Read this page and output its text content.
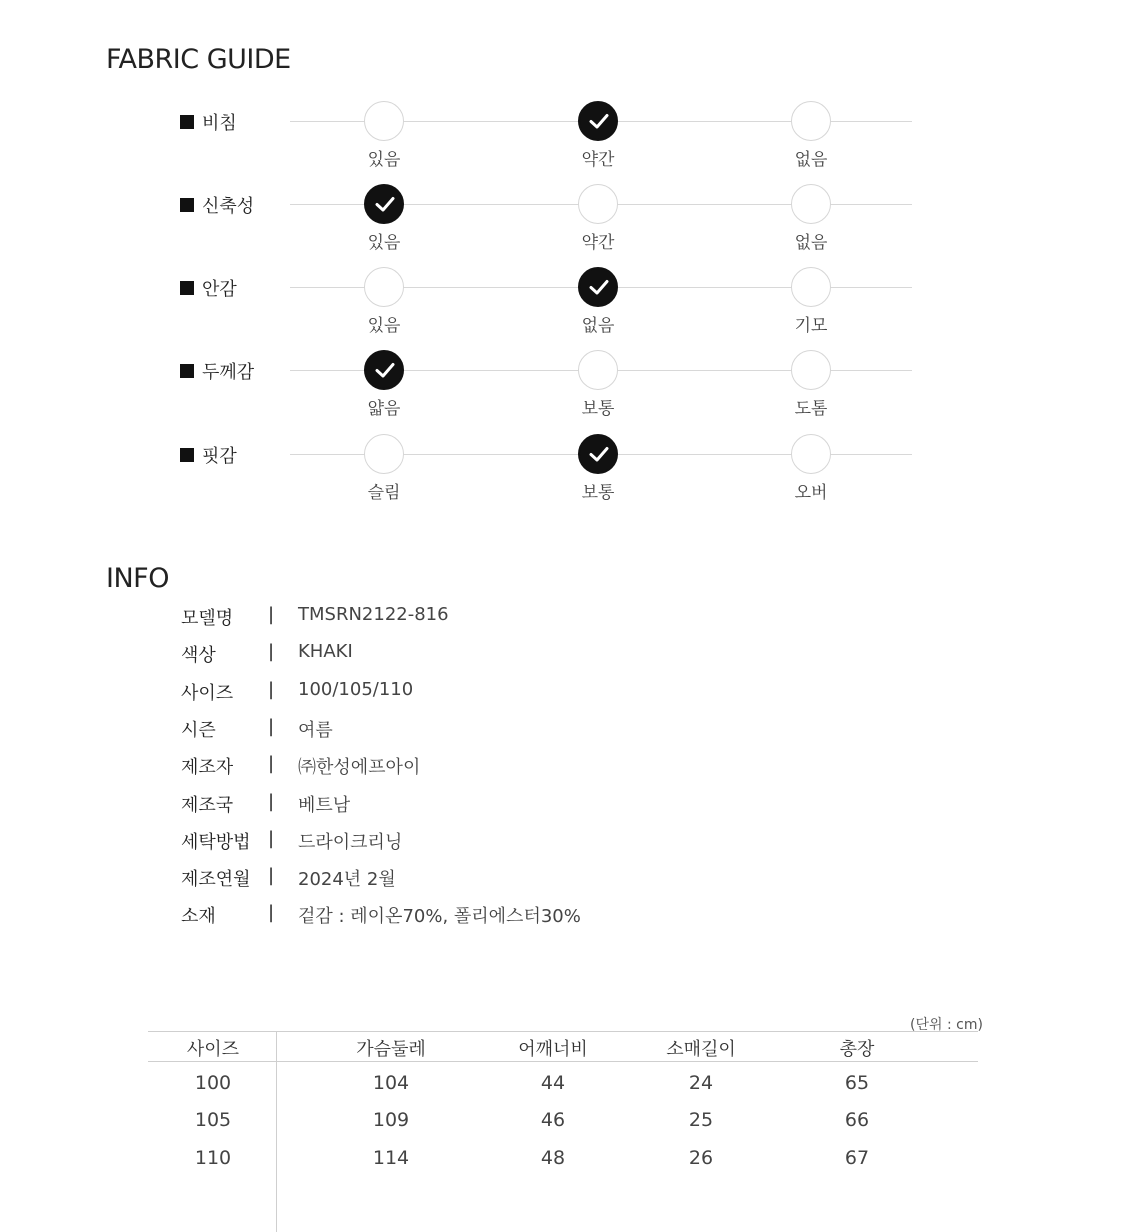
FABRIC GUIDE
비침
있음	약간	없음
신축성
있음	약간	없음
안감
있음	없음	기모
두께감
얇음	보통	도톰
핏감
슬림	보통	오버
INFO
모델명 | TMSRN2122-816
색상	| KHAKI
사이즈 | 100/105/110
시즌	| 여름
제조자 | ㈜한성에프아이
제조국 | 베트남
세탁방법 | 드라이크리닝
제조연월 | 2024년 2월
소재	| 겉감 : 레이온70%, 폴리에스터30%
(단위 : cm)
사이즈	가슴둘레	어깨너비	소매길이	총장
100	104	44	24	65
105	109	46	25	66
110	114	48	26	67
